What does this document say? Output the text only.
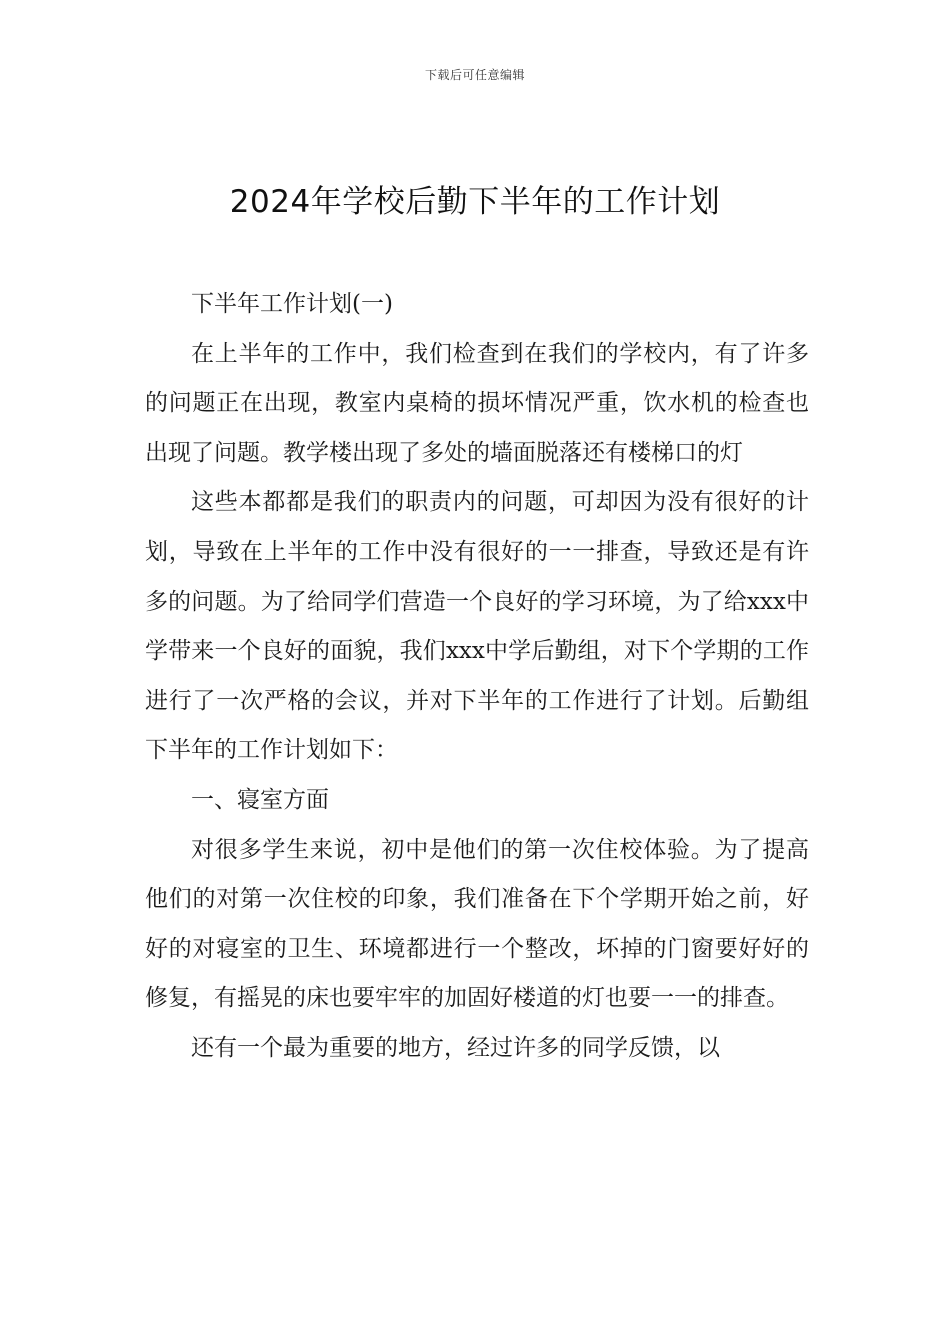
下载后可任意编辑
2024年学校后勤下半年的工作计划

下半年工作计划(一)

在上半年的工作中，我们检查到在我们的学校内，有了许多的问题正在出现，教室内桌椅的损坏情况严重，饮水机的检查也出现了问题。教学楼出现了多处的墙面脱落还有楼梯口的灯

这些本都都是我们的职责内的问题，可却因为没有很好的计划，导致在上半年的工作中没有很好的一一排查，导致还是有许多的问题。为了给同学们营造一个良好的学习环境，为了给xxx中学带来一个良好的面貌，我们xxx中学后勤组，对下个学期的工作进行了一次严格的会议，并对下半年的工作进行了计划。后勤组下半年的工作计划如下：

一、寝室方面

对很多学生来说，初中是他们的第一次住校体验。为了提高他们的对第一次住校的印象，我们准备在下个学期开始之前，好好的对寝室的卫生、环境都进行一个整改，坏掉的门窗要好好的修复，有摇晃的床也要牢牢的加固好楼道的灯也要一一的排查。

还有一个最为重要的地方，经过许多的同学反馈，以
